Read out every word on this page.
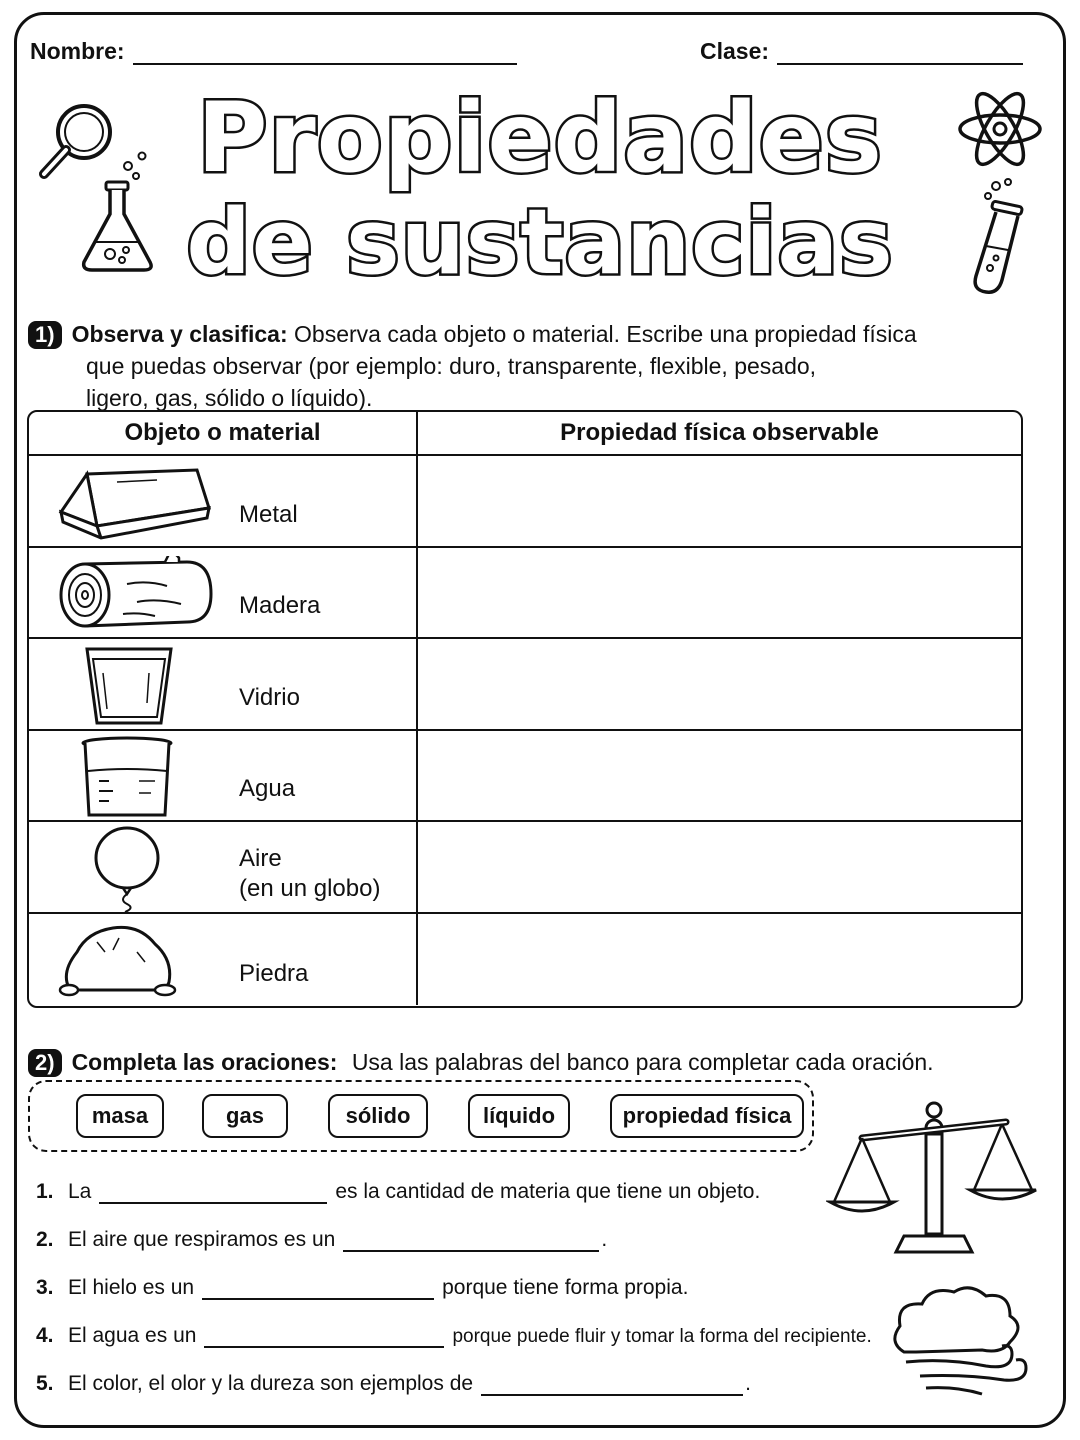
Nombre:	Clase:
Propiedades
de sustancias
1) Observa y clasifica: Observa cada objeto o material. Escribe una propiedad física
que puedas observar (por ejemplo: duro, transparente, flexible, pesado,
ligero, gas, sólido o líquido).
Objeto o material	Propiedad física observable
Metal
Madera
Vidrio
Agua
Aire
(en un globo)
Piedra
2) Completa las oraciones: Usa las palabras del banco para completar cada oración.
masa	gas	sólido	líquido	propiedad física
1. La	es la cantidad de materia que tiene un objeto.
2. El aire que respiramos es un	.
3. El hielo es un	porque tiene forma propia.
4. El agua es un	porque puede fluir y tomar la forma del recipiente.
5. El color, el olor y la dureza son ejemplos de	.
